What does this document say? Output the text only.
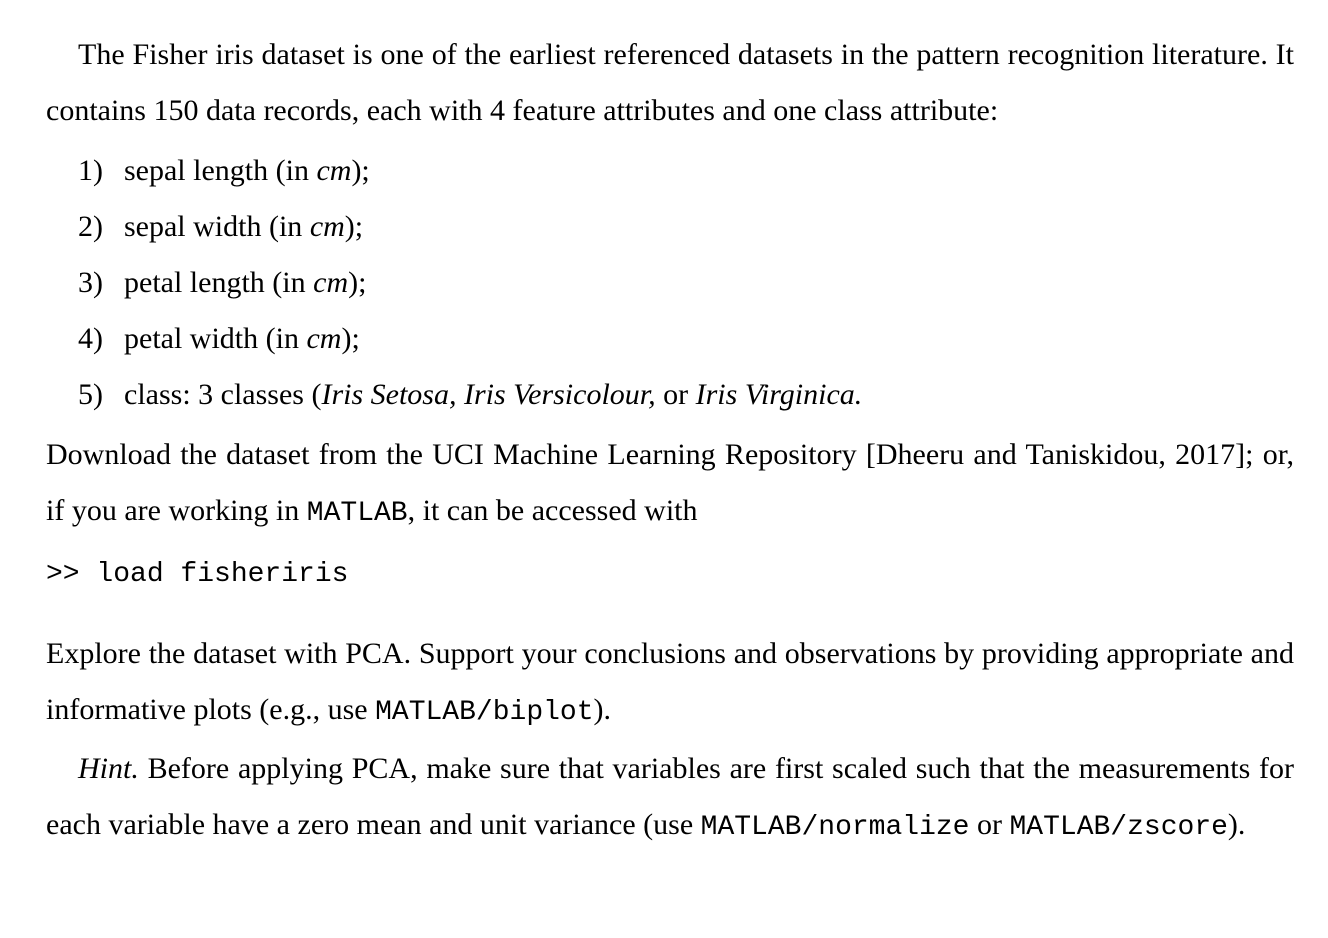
The Fisher iris dataset is one of the earliest referenced datasets in the pattern recognition literature. It contains 150 data records, each with 4 feature attributes and one class attribute:

1) sepal length (in cm);
2) sepal width (in cm);
3) petal length (in cm);
4) petal width (in cm);
5) class: 3 classes (Iris Setosa, Iris Versicolour, or Iris Virginica.

Download the dataset from the UCI Machine Learning Repository [Dheeru and Taniskidou, 2017]; or, if you are working in MATLAB, it can be accessed with

>> load fisheriris

Explore the dataset with PCA. Support your conclusions and observations by providing appropriate and informative plots (e.g., use MATLAB/biplot).

Hint. Before applying PCA, make sure that variables are first scaled such that the measurements for each variable have a zero mean and unit variance (use MATLAB/normalize or MATLAB/zscore).
